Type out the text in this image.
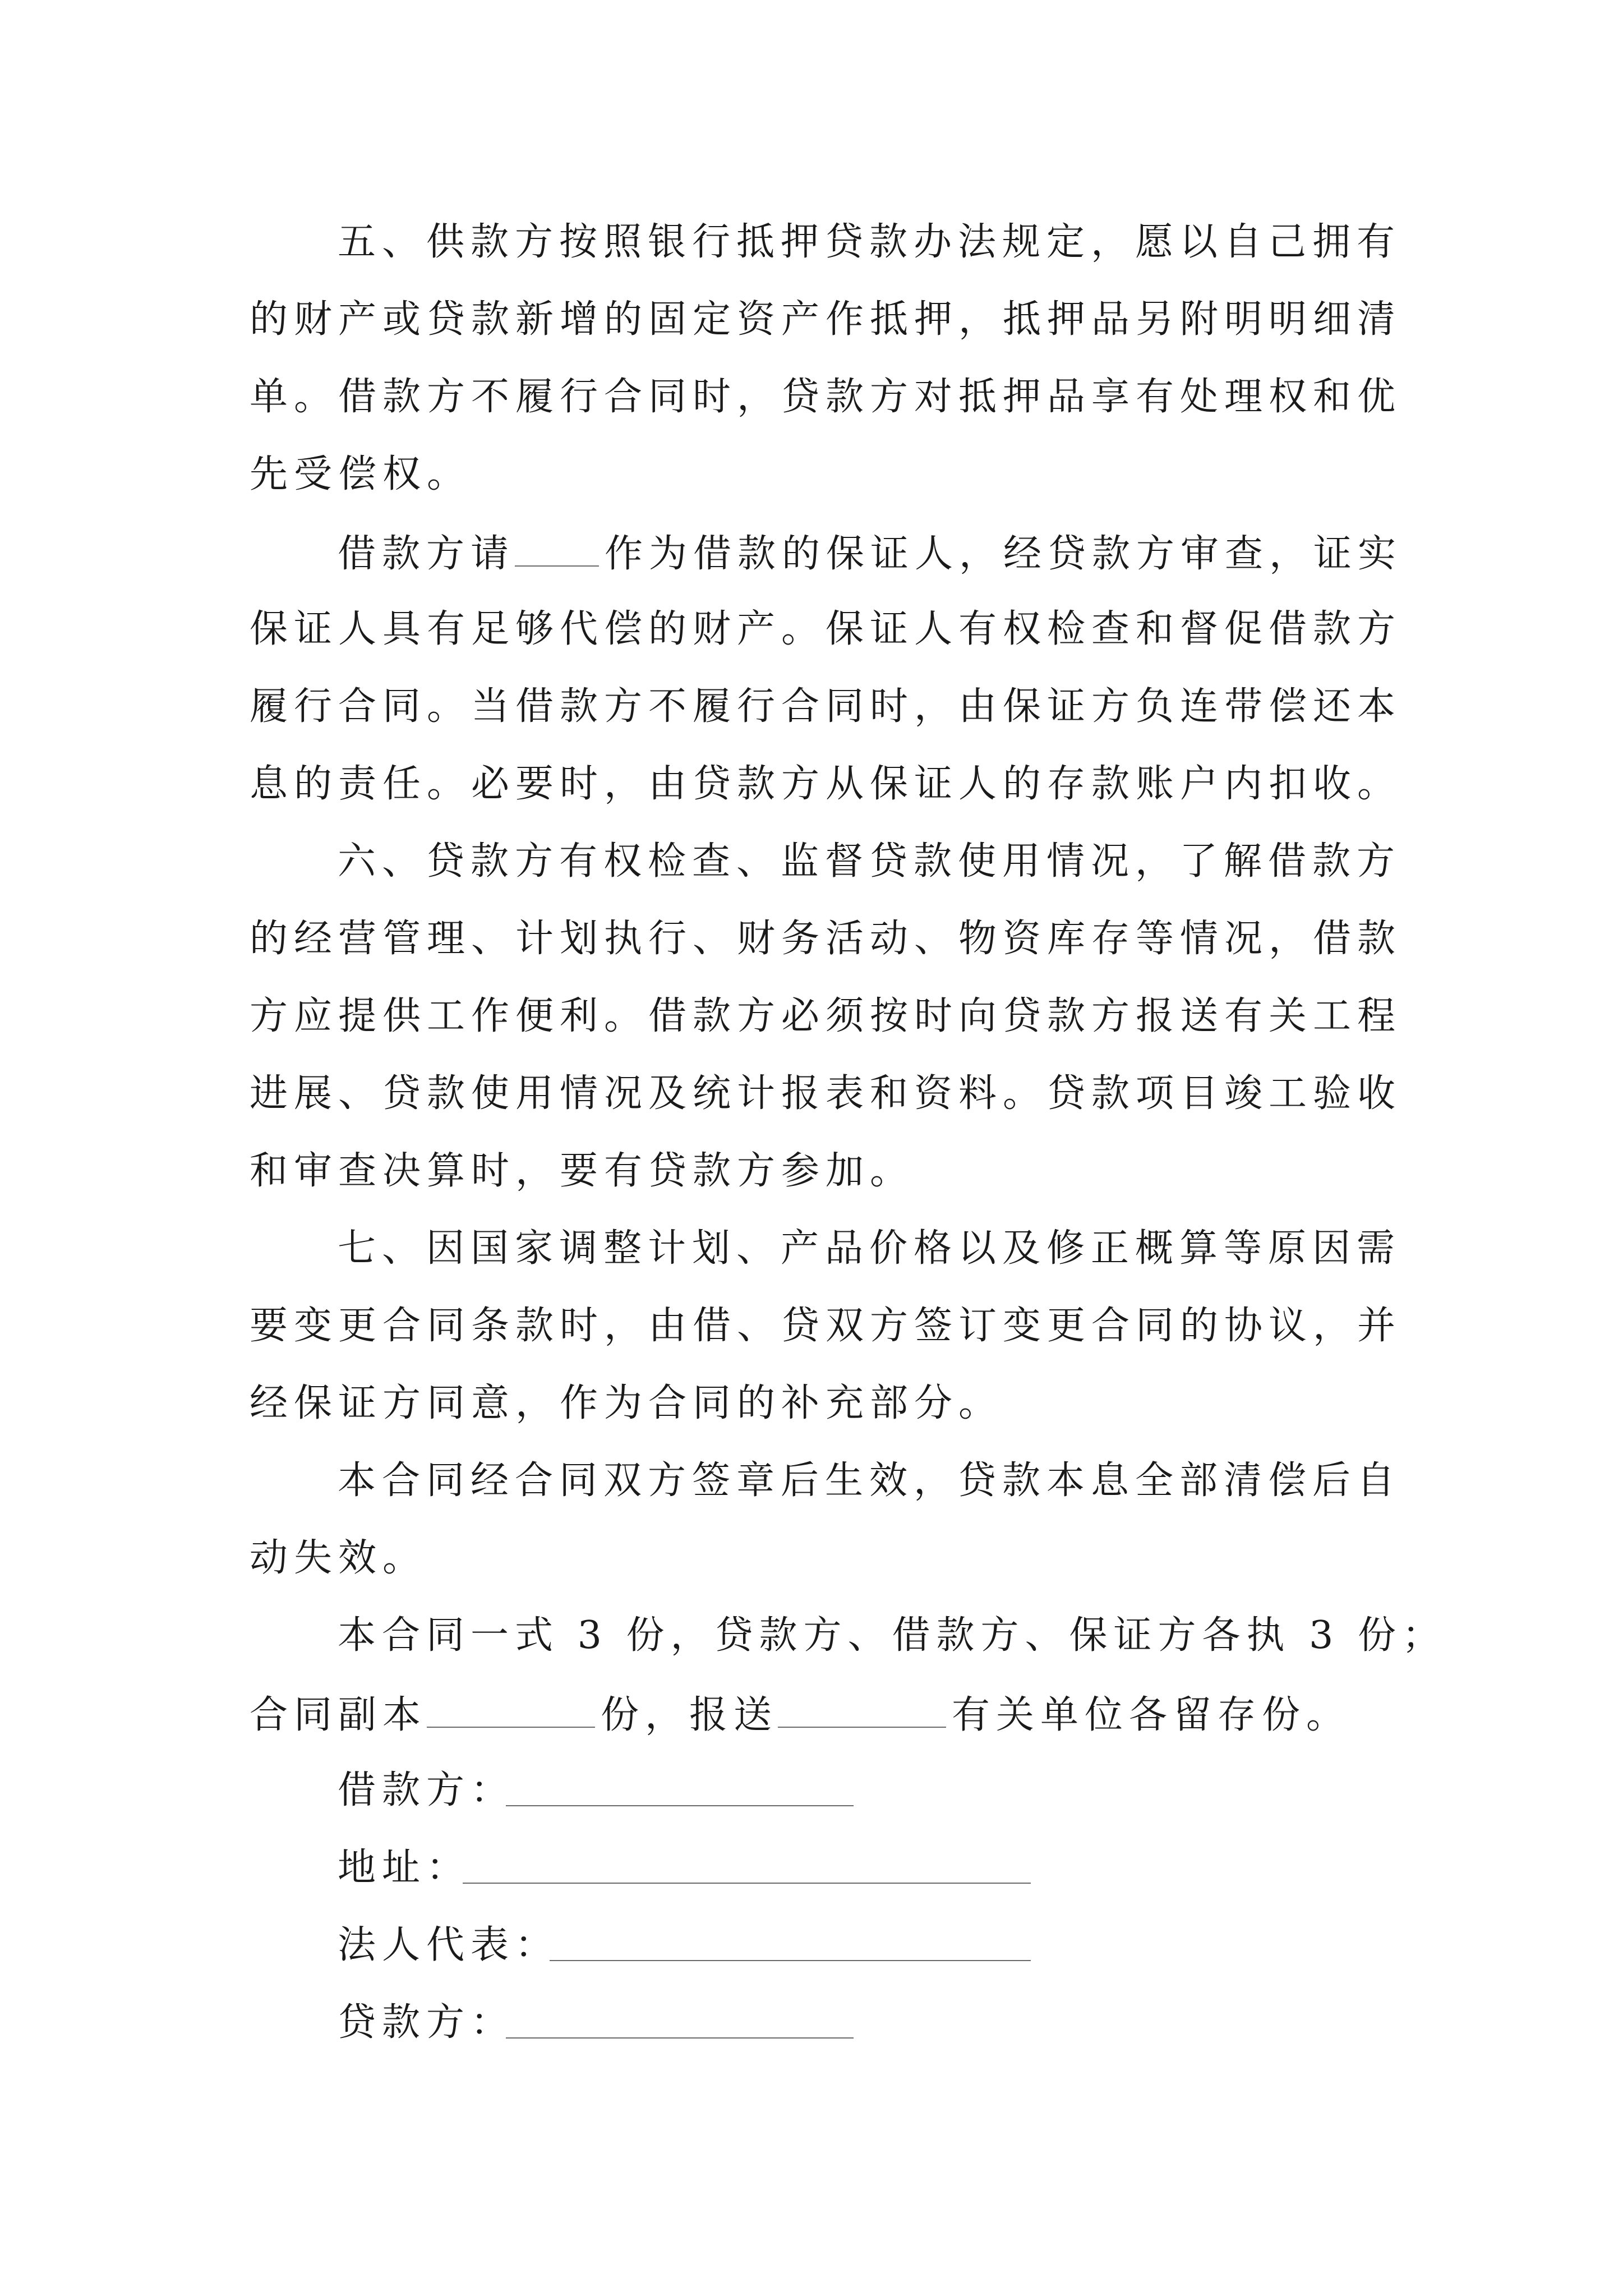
五、供款方按照银行抵押贷款办法规定，愿以自己拥有
的财产或贷款新增的固定资产作抵押，抵押品另附明明细清
单。借款方不履行合同时，贷款方对抵押品享有处理权和优
先受偿权。
借款方请 作为借款的保证人，经贷款方审查，证实
保证人具有足够代偿的财产。保证人有权检查和督促借款方
履行合同。当借款方不履行合同时，由保证方负连带偿还本
息的责任。必要时，由贷款方从保证人的存款账户内扣收。
六、贷款方有权检查、监督贷款使用情况，了解借款方
的经营管理、计划执行、财务活动、物资库存等情况，借款
方应提供工作便利。借款方必须按时向贷款方报送有关工程
进展、贷款使用情况及统计报表和资料。贷款项目竣工验收
和审查决算时，要有贷款方参加。
七、因国家调整计划、产品价格以及修正概算等原因需
要变更合同条款时，由借、贷双方签订变更合同的协议，并
经保证方同意，作为合同的补充部分。
本合同经合同双方签章后生效，贷款本息全部清偿后自
动失效。
本合同一式 3 份，贷款方、借款方、保证方各执 3 份；
合同副本	份，报送	有关单位各留存份。
借款方：
地址：
法人代表：
贷款方：
